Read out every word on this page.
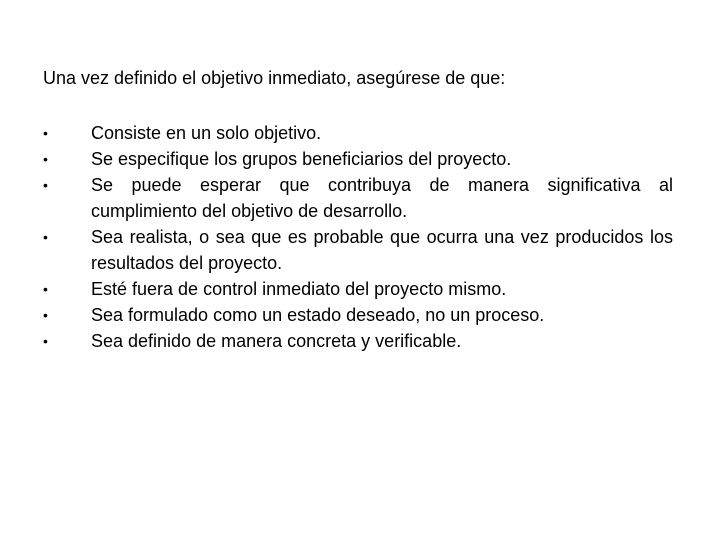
Una vez definido el objetivo inmediato, asegúrese de que:

•	Consiste en un solo objetivo.
•	Se especifique los grupos beneficiarios del proyecto.
•	Se puede esperar que contribuya de manera significativa al cumplimiento del objetivo de desarrollo.
•	Sea realista, o sea que es probable que ocurra una vez producidos los resultados del proyecto.
•	Esté fuera de control inmediato del proyecto mismo.
•	Sea formulado como un estado deseado, no un proceso.
•	Sea definido de manera concreta y verificable.
